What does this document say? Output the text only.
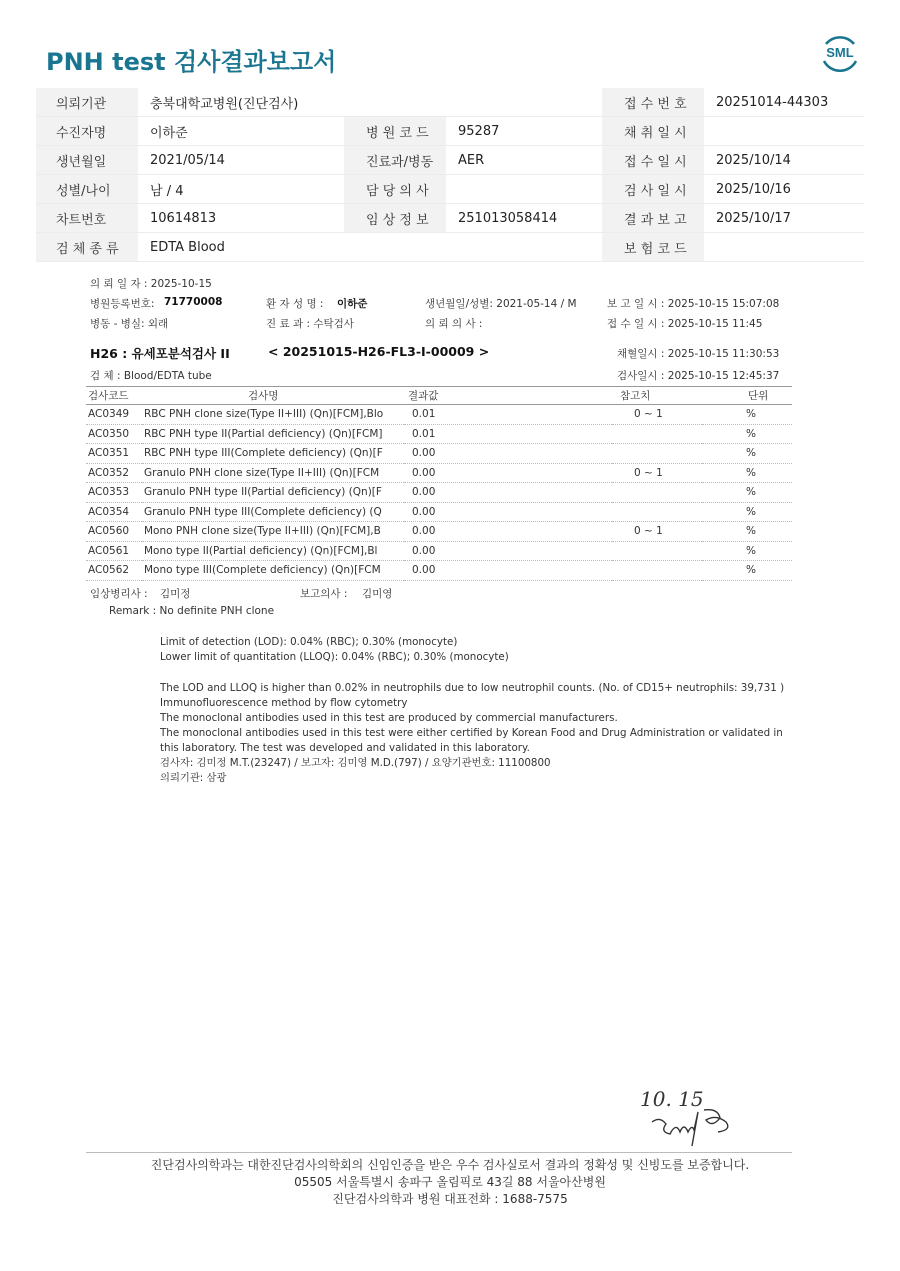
PNH test 검사결과보고서	SML
의뢰기관	충북대학교병원(진단검사)			접 수 번 호	20251014-44303
수진자명	이하준	병 원 코 드	95287	채 취 일 시	
생년월일	2021/05/14	진료과/병동	AER	접 수 일 시	2025/10/14
성별/나이	남 / 4	담 당 의 사		검 사 일 시	2025/10/16
차트번호	10614813	임 상 정 보	251013058414	결 과 보 고	2025/10/17
검 체 종 류	EDTA Blood			보 험 코 드	
의 뢰 일 자 : 2025-10-15
병원등록번호: 71770008	환 자 성 명 : 이하준	생년월일/성별: 2021-05-14 / M	보 고 일 시 : 2025-10-15 15:07:08
병동 - 병실: 외래	진 료 과 : 수탁검사	의 뢰 의 사 :	접 수 일 시 : 2025-10-15 11:45
H26 : 유세포분석검사 II	< 20251015-H26-FL3-I-00009 >	채혈일시 : 2025-10-15 11:30:53
검 체 : Blood/EDTA tube	검사일시 : 2025-10-15 12:45:37
검사코드	검사명	결과값	참고치	단위
AC0349	RBC PNH clone size(Type II+III) (Qn)[FCM],Blo	0.01	0 ~ 1	%
AC0350	RBC PNH type II(Partial deficiency) (Qn)[FCM]	0.01		%
AC0351	RBC PNH type III(Complete deficiency) (Qn)[F	0.00		%
AC0352	Granulo PNH clone size(Type II+III) (Qn)[FCM	0.00	0 ~ 1	%
AC0353	Granulo PNH type II(Partial deficiency) (Qn)[F	0.00		%
AC0354	Granulo PNH type III(Complete deficiency) (Q	0.00		%
AC0560	Mono PNH clone size(Type II+III) (Qn)[FCM],B	0.00	0 ~ 1	%
AC0561	Mono type II(Partial deficiency) (Qn)[FCM],Bl	0.00		%
AC0562	Mono type III(Complete deficiency) (Qn)[FCM	0.00		%
임상병리사 : 김미정	보고의사 : 김미영
Remark : No definite PNH clone
Limit of detection (LOD): 0.04% (RBC); 0.30% (monocyte)
Lower limit of quantitation (LLOQ): 0.04% (RBC); 0.30% (monocyte)
The LOD and LLOQ is higher than 0.02% in neutrophils due to low neutrophil counts. (No. of CD15+ neutrophils: 39,731 )
Immunofluorescence method by flow cytometry
The monoclonal antibodies used in this test are produced by commercial manufacturers.
The monoclonal antibodies used in this test were either certified by Korean Food and Drug Administration or validated in
this laboratory. The test was developed and validated in this laboratory.
검사자: 김미정 M.T.(23247) / 보고자: 김미영 M.D.(797) / 요양기관번호: 11100800
의뢰기관: 삼광
10. 15
진단검사의학과는 대한진단검사의학회의 신임인증을 받은 우수 검사실로서 결과의 정확성 및 신빙도를 보증합니다.
05505 서울특별시 송파구 올림픽로 43길 88 서울아산병원
진단검사의학과 병원 대표전화 : 1688-7575
